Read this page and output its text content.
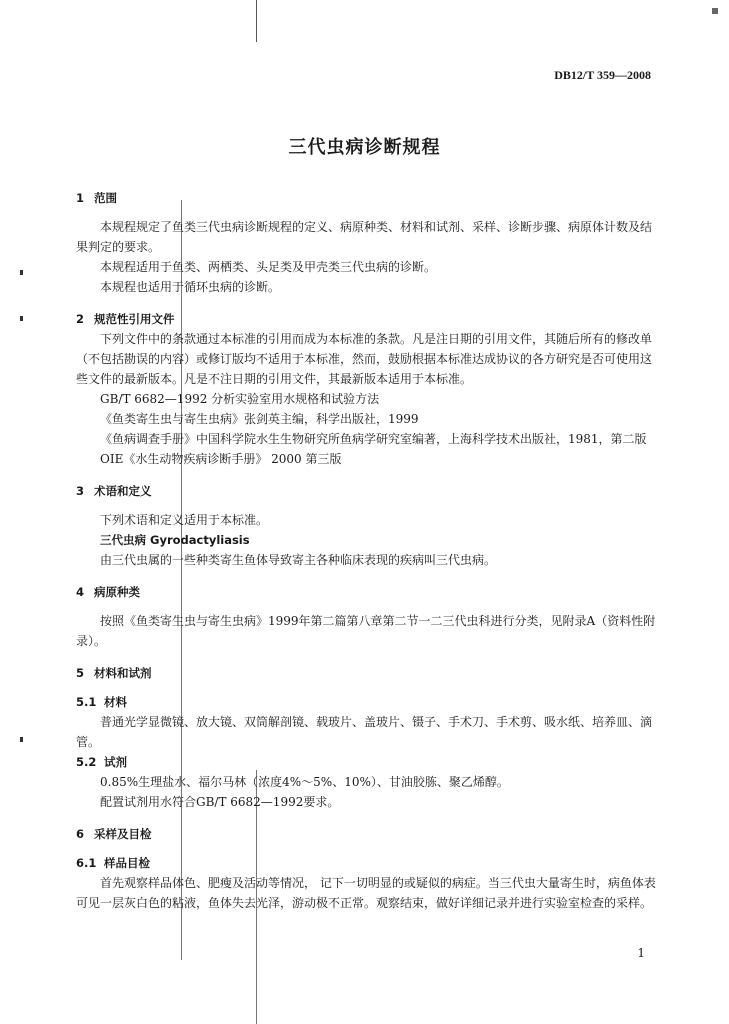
DB12/T 359—2008
三代虫病诊断规程

1 范围

本规程规定了鱼类三代虫病诊断规程的定义、病原种类、材料和试剂、采样、诊断步骤、病原体计数及结果判定的要求。

本规程适用于鱼类、两栖类、头足类及甲壳类三代虫病的诊断。

本规程也适用于循环虫病的诊断。

2 规范性引用文件

下列文件中的条款通过本标准的引用而成为本标准的条款。凡是注日期的引用文件，其随后所有的修改单（不包括勘误的内容）或修订版均不适用于本标准，然而，鼓励根据本标准达成协议的各方研究是否可使用这些文件的最新版本。凡是不注日期的引用文件，其最新版本适用于本标准。

GB/T 6682—1992 分析实验室用水规格和试验方法

《鱼类寄生虫与寄生虫病》张剑英主编，科学出版社，1999

《鱼病调查手册》中国科学院水生生物研究所鱼病学研究室编著，上海科学技术出版社，1981，第二版

OIE《水生动物疾病诊断手册》 2000 第三版

3 术语和定义

下列术语和定义适用于本标准。

三代虫病 Gyrodactyliasis

由三代虫属的一些种类寄生鱼体导致寄主各种临床表现的疾病叫三代虫病。

4 病原种类

按照《鱼类寄生虫与寄生虫病》1999年第二篇第八章第二节一二三代虫科进行分类，见附录A（资料性附录）。

5 材料和试剂

5.1 材料

普通光学显微镜、放大镜、双筒解剖镜、载玻片、盖玻片、镊子、手术刀、手术剪、吸水纸、培养皿、滴管。

5.2 试剂

0.85%生理盐水、福尔马林（浓度4%～5%、10%）、甘油胶胨、聚乙烯醇。

配置试剂用水符合GB/T 6682—1992要求。

6 采样及目检

6.1 样品目检

首先观察样品体色、肥瘦及活动等情况， 记下一切明显的或疑似的病症。当三代虫大量寄生时，病鱼体表可见一层灰白色的粘液，鱼体失去光泽，游动极不正常。观察结束，做好详细记录并进行实验室检查的采样。

1
